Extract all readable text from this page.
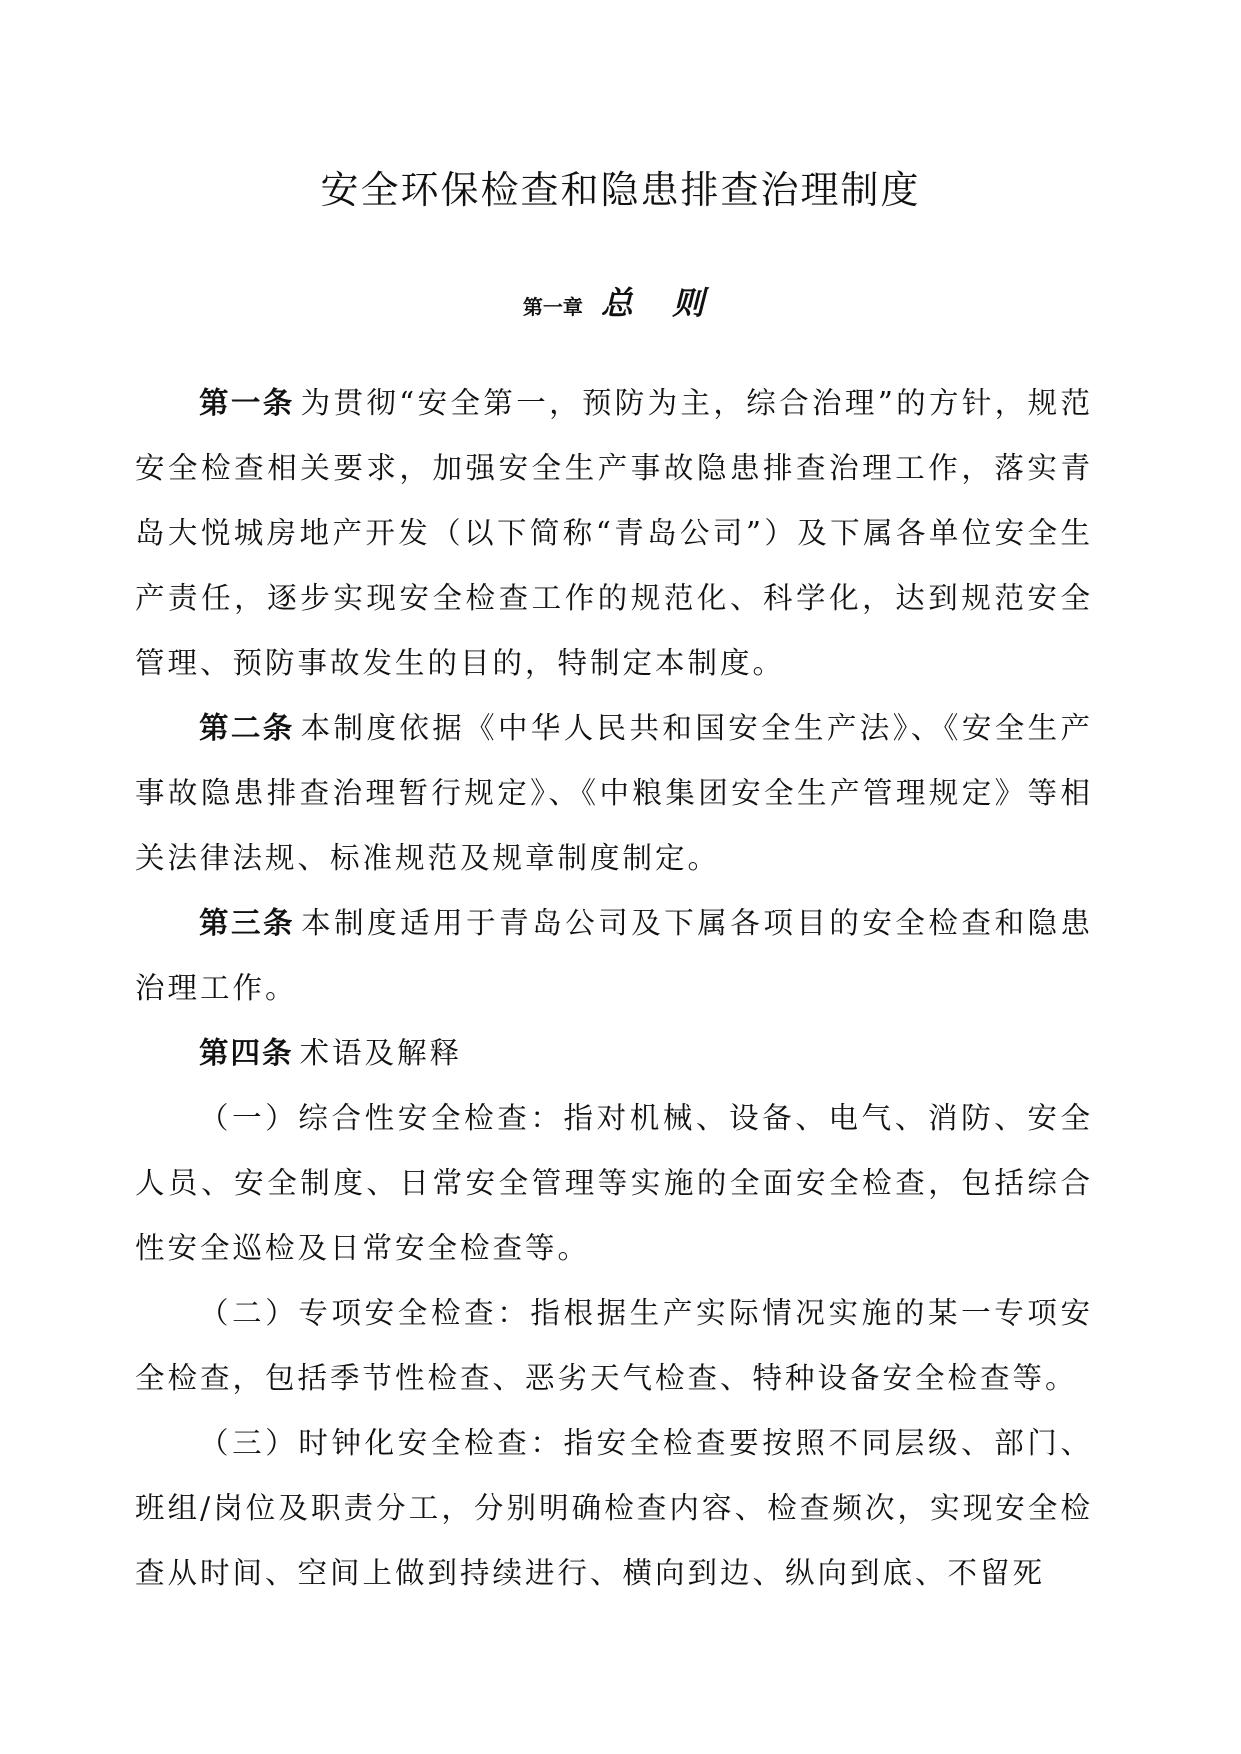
安全环保检查和隐患排查治理制度
第一章 总 则

第一条 为贯彻“安全第一，预防为主，综合治理”的方针，规范安全检查相关要求，加强安全生产事故隐患排查治理工作，落实青岛大悦城房地产开发（以下简称“青岛公司”）及下属各单位安全生产责任，逐步实现安全检查工作的规范化、科学化，达到规范安全管理、预防事故发生的目的，特制定本制度。

第二条 本制度依据《中华人民共和国安全生产法》、《安全生产事故隐患排查治理暂行规定》、《中粮集团安全生产管理规定》等相关法律法规、标准规范及规章制度制定。

第三条 本制度适用于青岛公司及下属各项目的安全检查和隐患治理工作。

第四条 术语及解释

（一）综合性安全检查：指对机械、设备、电气、消防、安全人员、安全制度、日常安全管理等实施的全面安全检查，包括综合性安全巡检及日常安全检查等。

（二）专项安全检查：指根据生产实际情况实施的某一专项安全检查，包括季节性检查、恶劣天气检查、特种设备安全检查等。

（三）时钟化安全检查：指安全检查要按照不同层级、部门、班组/岗位及职责分工，分别明确检查内容、检查频次，实现安全检查从时间、空间上做到持续进行、横向到边、纵向到底、不留死
